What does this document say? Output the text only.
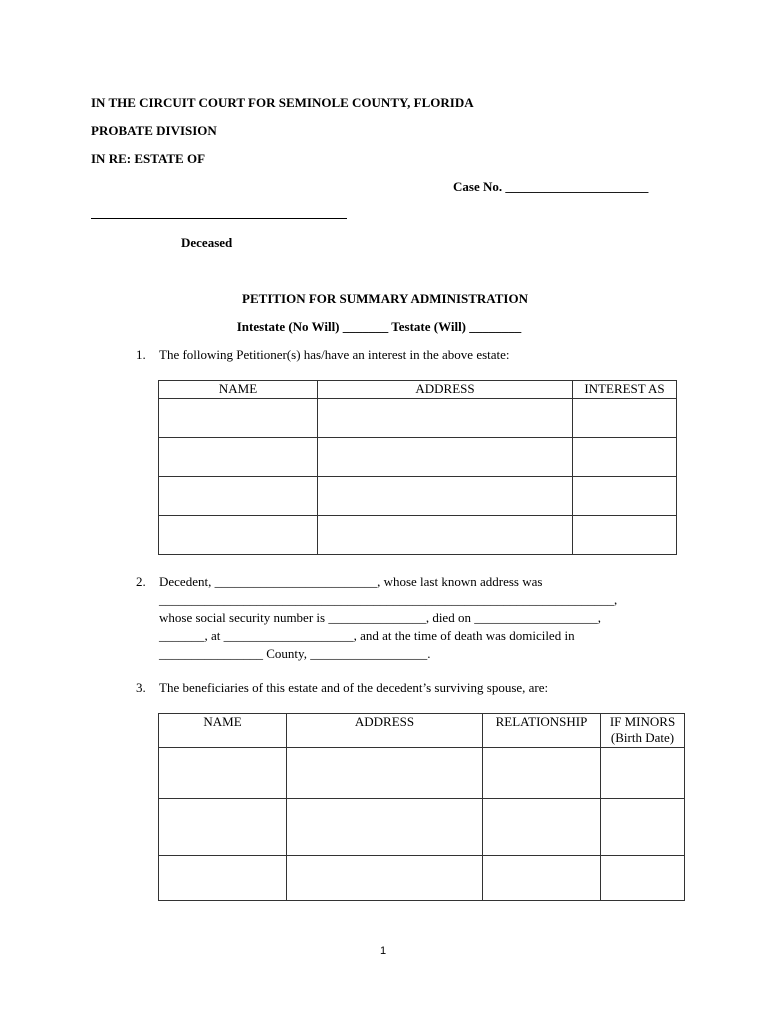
IN THE CIRCUIT COURT FOR SEMINOLE COUNTY, FLORIDA
PROBATE DIVISION
IN RE: ESTATE OF
Case No. ______________________
Deceased
PETITION FOR SUMMARY ADMINISTRATION
Intestate (No Will) _______ Testate (Will) ________
1. The following Petitioner(s) has/have an interest in the above estate:
NAME	ADDRESS	INTEREST AS

2. Decedent, _________________________, whose last known address was
______________________________________________________________________,
whose social security number is _______________, died on ___________________,
_______, at ____________________, and at the time of death was domiciled in
________________ County, __________________.
3. The beneficiaries of this estate and of the decedent’s surviving spouse, are:
NAME	ADDRESS	RELATIONSHIP	IF MINORS
(Birth Date)

1
